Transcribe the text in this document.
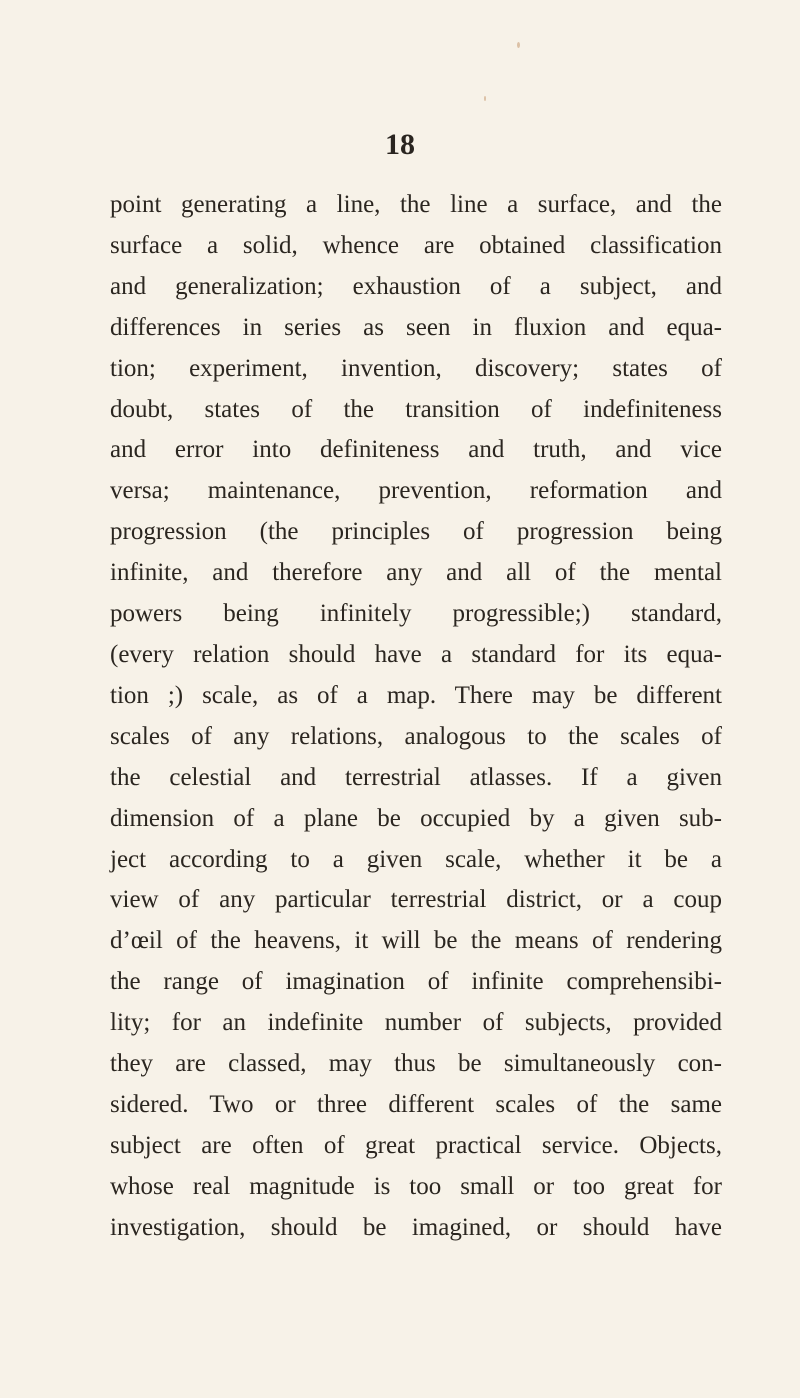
18
point generating a line, the line a surface, and the
surface a solid, whence are obtained classification
and generalization; exhaustion of a subject, and
differences in series as seen in fluxion and equa-
tion; experiment, invention, discovery; states of
doubt, states of the transition of indefiniteness
and error into definiteness and truth, and vice
versa; maintenance, prevention, reformation and
progression (the principles of progression being
infinite, and therefore any and all of the mental
powers being infinitely progressible;) standard,
(every relation should have a standard for its equa-
tion ;) scale, as of a map. There may be different
scales of any relations, analogous to the scales of
the celestial and terrestrial atlasses. If a given
dimension of a plane be occupied by a given sub-
ject according to a given scale, whether it be a
view of any particular terrestrial district, or a coup
d’œil of the heavens, it will be the means of rendering
the range of imagination of infinite comprehensibi-
lity; for an indefinite number of subjects, provided
they are classed, may thus be simultaneously con-
sidered. Two or three different scales of the same
subject are often of great practical service. Objects,
whose real magnitude is too small or too great for
investigation, should be imagined, or should have
